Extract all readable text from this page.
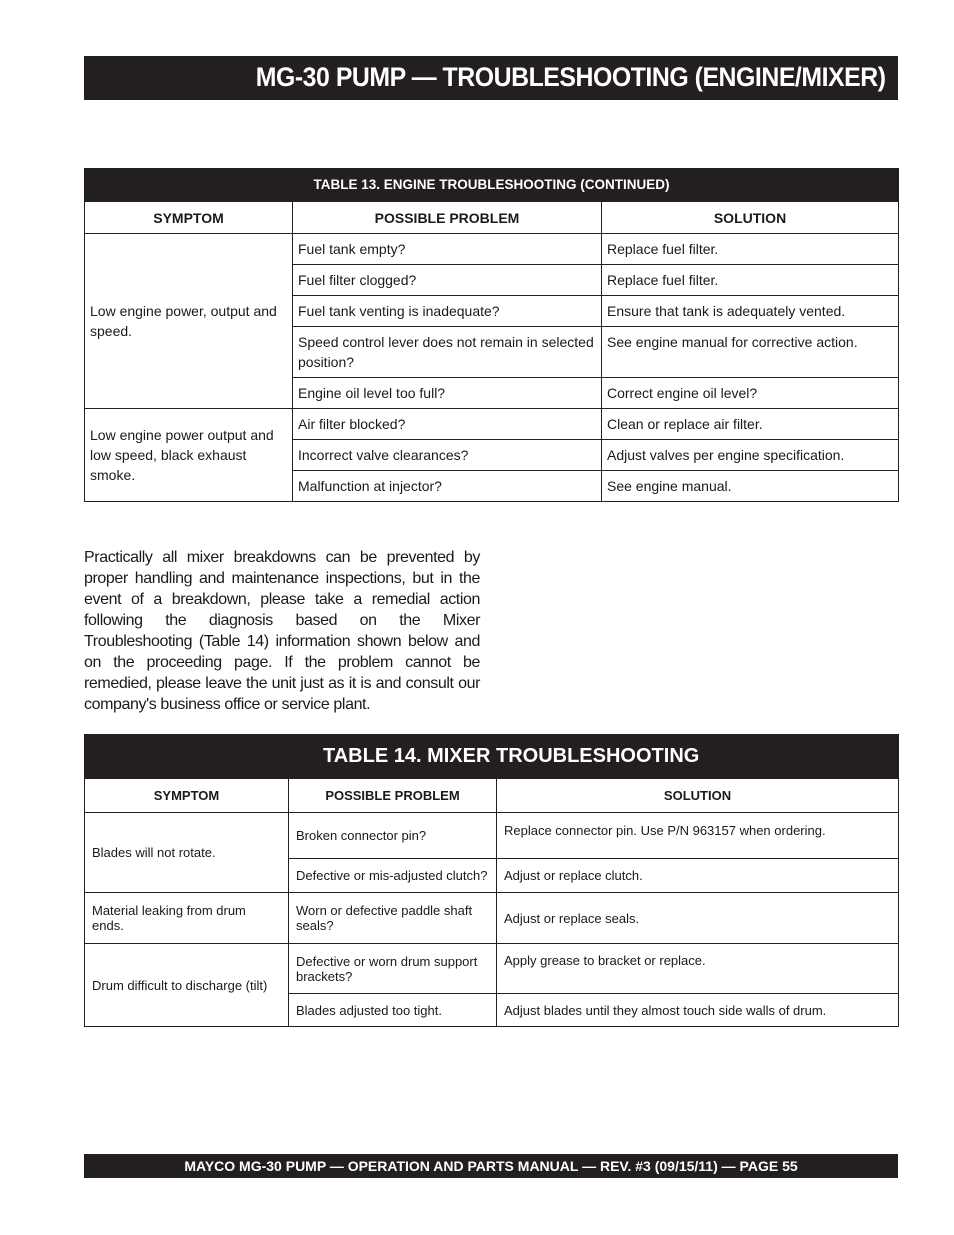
MG-30 PUMP — TROUBLESHOOTING (ENGINE/MIXER)
TABLE 13. ENGINE TROUBLESHOOTING (CONTINUED)		
SYMPTOM	POSSIBLE PROBLEM	SOLUTION
Low engine power, output and speed.	Fuel tank empty?	Replace fuel filter.
	Fuel filter clogged?	Replace fuel filter.
	Fuel tank venting is inadequate?	Ensure that tank is adequately vented.
	Speed control lever does not remain in selected position?	See engine manual for corrective action.
	Engine oil level too full?	Correct engine oil level?
Low engine power output and low speed, black exhaust smoke.	Air filter blocked?	Clean or replace air filter.
	Incorrect valve clearances?	Adjust valves per engine specification.
	Malfunction at injector?	See engine manual.

Practically all mixer breakdowns can be prevented by proper handling and maintenance inspections, but in the event of a breakdown, please take a remedial action following the diagnosis based on the Mixer Troubleshooting (Table 14) information shown below and on the proceeding page. If the problem cannot be remedied, please leave the unit just as it is and consult our company's business office or service plant.

TABLE 14. MIXER TROUBLESHOOTING		
SYMPTOM	POSSIBLE PROBLEM	SOLUTION
Blades will not rotate.	Broken connector pin?	Replace connector pin. Use P/N 963157 when ordering.
	Defective or mis-adjusted clutch?	Adjust or replace clutch.
Material leaking from drum ends.	Worn or defective paddle shaft seals?	Adjust or replace seals.
Drum difficult to discharge (tilt)	Defective or worn drum support brackets?	Apply grease to bracket or replace.
	Blades adjusted too tight.	Adjust blades until they almost touch side walls of drum.
MAYCO MG-30 PUMP — OPERATION AND PARTS MANUAL — REV. #3 (09/15/11) — PAGE 55
